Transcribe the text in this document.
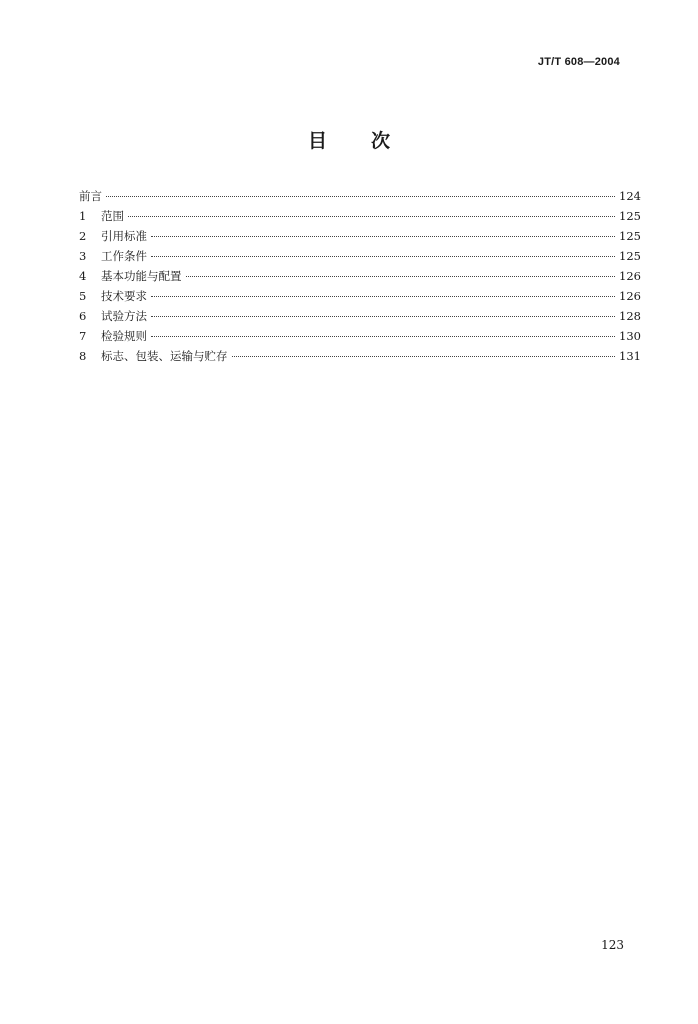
JT/T 608—2004
目 次
前言	124
1	范围	125
2	引用标准	125
3	工作条件	125
4	基本功能与配置	126
5	技术要求	126
6	试验方法	128
7	检验规则	130
8	标志、包装、运输与贮存	131
123
